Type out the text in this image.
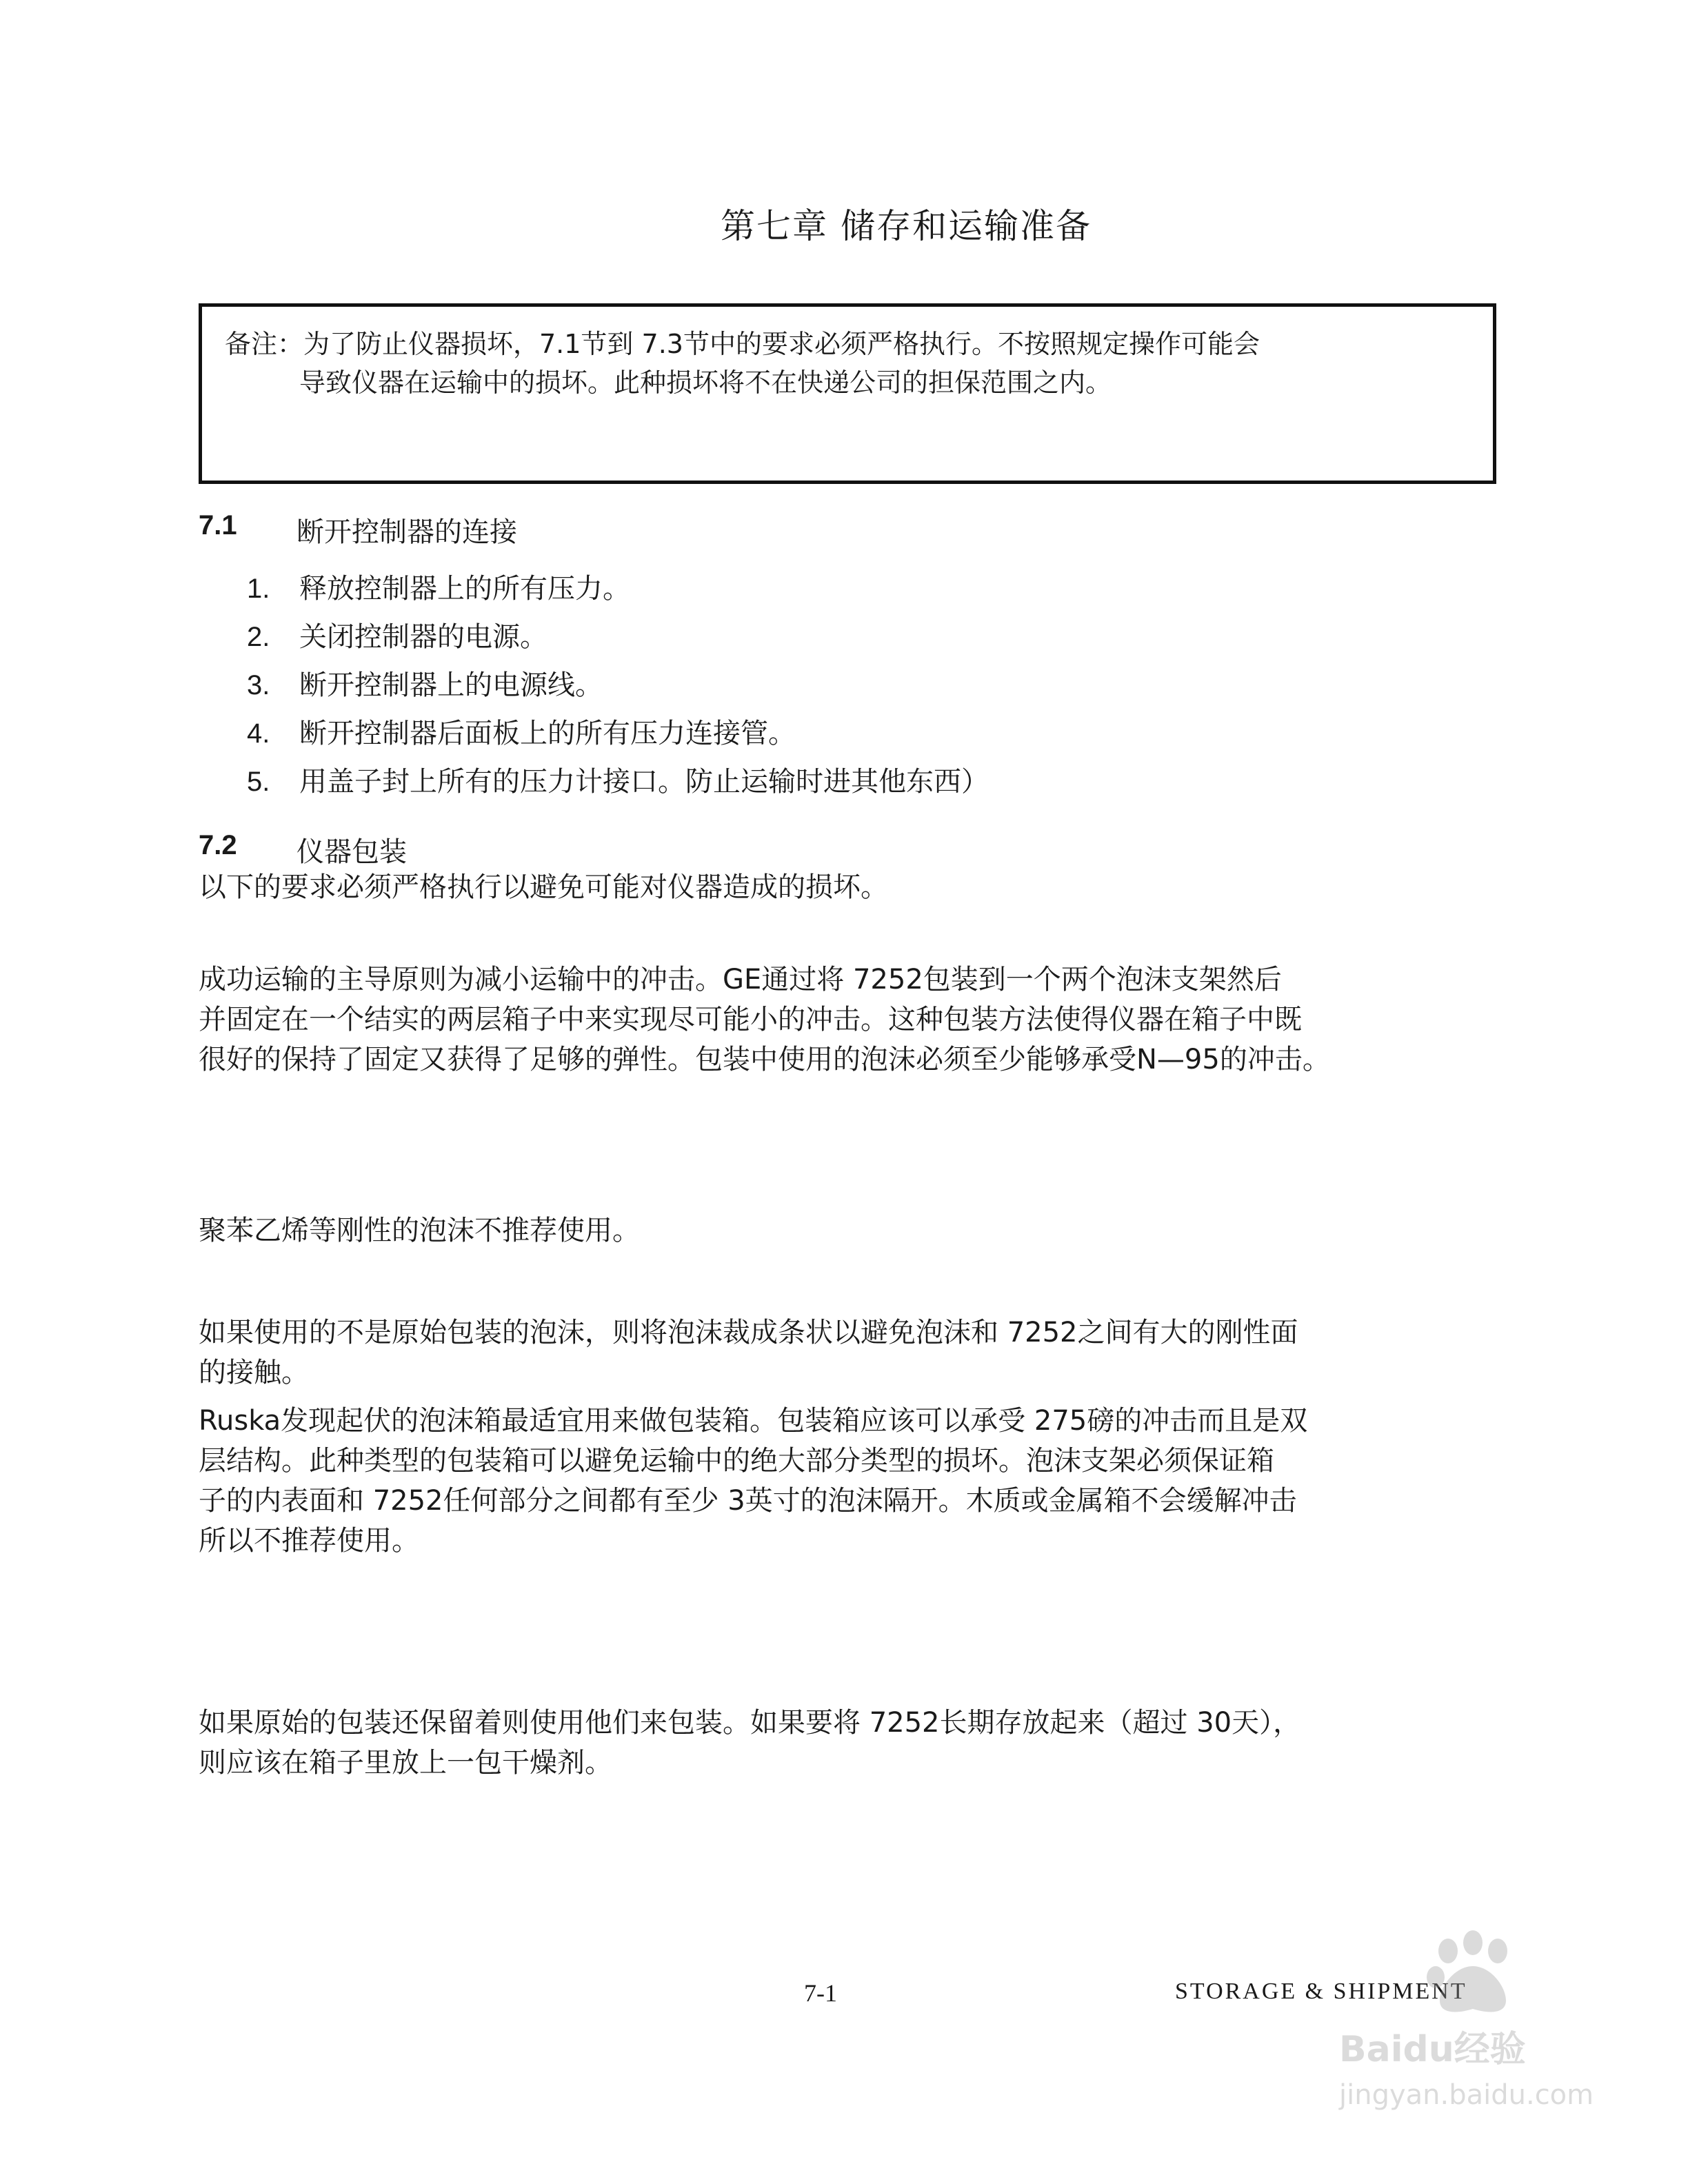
第七章 储存和运输准备
备注：为了防止仪器损坏，7.1节到 7.3节中的要求必须严格执行。不按照规定操作可能会
导致仪器在运输中的损坏。此种损坏将不在快递公司的担保范围之内。
7.1 断开控制器的连接
1. 释放控制器上的所有压力。
2. 关闭控制器的电源。
3. 断开控制器上的电源线。
4. 断开控制器后面板上的所有压力连接管。
5. 用盖子封上所有的压力计接口。防止运输时进其他东西）
7.2 仪器包装
以下的要求必须严格执行以避免可能对仪器造成的损坏。
成功运输的主导原则为减小运输中的冲击。GE通过将 7252包装到一个两个泡沫支架然后
并固定在一个结实的两层箱子中来实现尽可能小的冲击。这种包装方法使得仪器在箱子中既
很好的保持了固定又获得了足够的弹性。包装中使用的泡沫必须至少能够承受N—95的冲击。
聚苯乙烯等刚性的泡沫不推荐使用。
如果使用的不是原始包装的泡沫，则将泡沫裁成条状以避免泡沫和 7252之间有大的刚性面
的接触。
Ruska发现起伏的泡沫箱最适宜用来做包装箱。包装箱应该可以承受 275磅的冲击而且是双
层结构。此种类型的包装箱可以避免运输中的绝大部分类型的损坏。泡沫支架必须保证箱
子的内表面和 7252任何部分之间都有至少 3英寸的泡沫隔开。木质或金属箱不会缓解冲击
所以不推荐使用。
如果原始的包装还保留着则使用他们来包装。如果要将 7252长期存放起来（超过 30天），
则应该在箱子里放上一包干燥剂。
7-1	STORAGE & SHIPMENT
Baidu经验
jingyan.baidu.com
